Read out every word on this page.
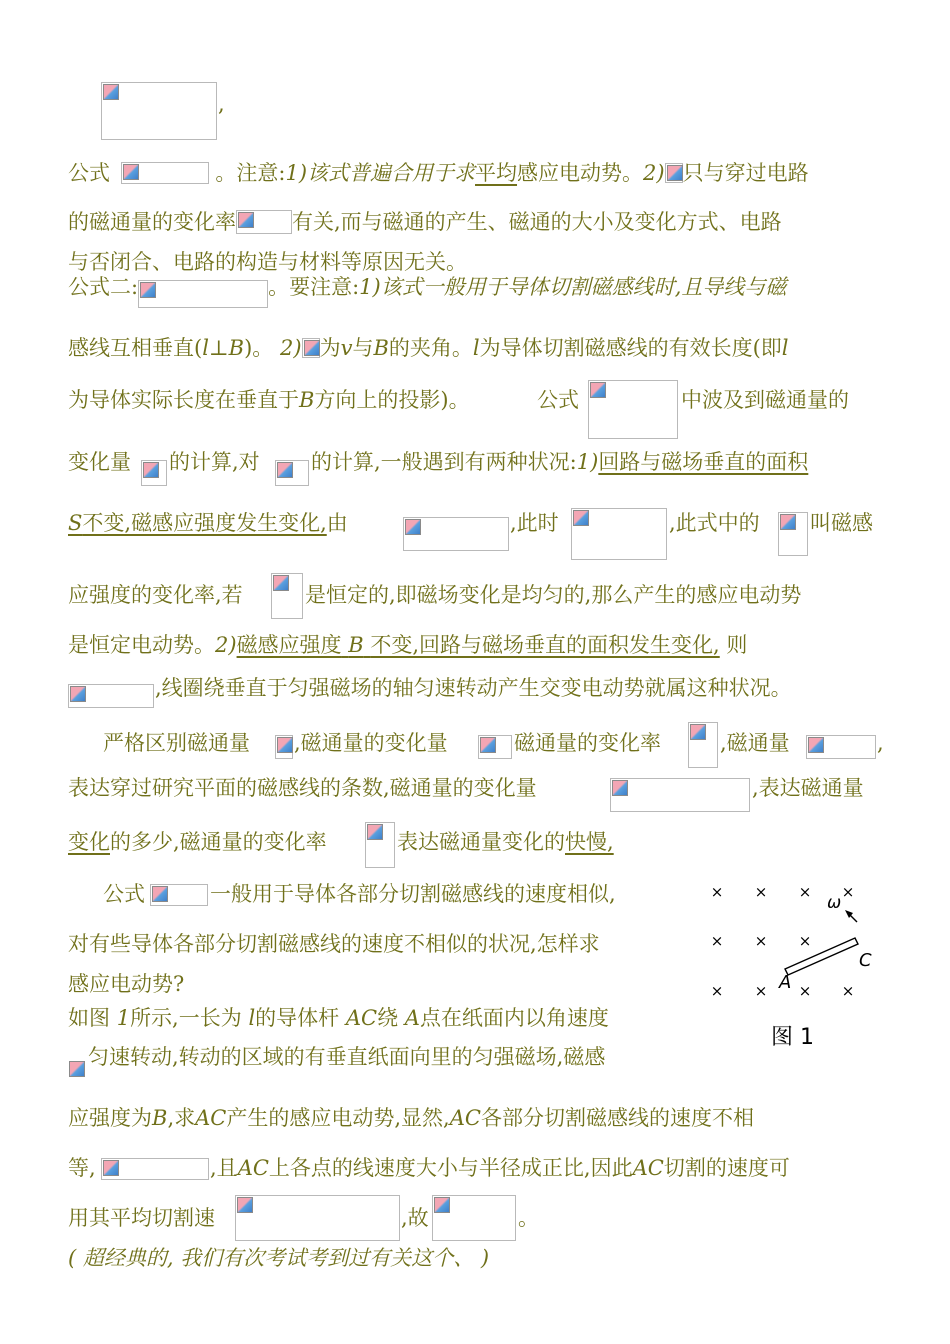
,
公式	。注意:1)该式普遍合用于求平均感应电动势。2) 只与穿过电路
的磁通量的变化率	有关,而与磁通的产生、磁通的大小及变化方式、电路
与否闭合、电路的构造与材料等原因无关。
公式二:	。要注意:1)该式一般用于导体切割磁感线时,且导线与磁
感线互相垂直(l⊥B)。 2) 为v与B的夹角。l为导体切割磁感线的有效长度(即l
为导体实际长度在垂直于B方向上的投影)。	公式	中波及到磁通量的
变化量 的计算,对 的计算,一般遇到有两种状况:1)回路与磁场垂直的面积
S不变,磁感应强度发生变化,由	,此时	,此式中的 叫磁感
应强度的变化率,若	是恒定的,即磁场变化是均匀的,那么产生的感应电动势
是恒定电动势。2)磁感应强度 B 不变,回路与磁场垂直的面积发生变化, 则
,线圈绕垂直于匀强磁场的轴匀速转动产生交变电动势就属这种状况。
严格区别磁通量 ,磁通量的变化量	磁通量的变化率	,磁通量	,
表达穿过研究平面的磁感线的条数,磁通量的变化量	,表达磁通量
变化的多少,磁通量的变化率	表达磁通量变化的快慢,
公式	一般用于导体各部分切割磁感线的速度相似,
对有些导体各部分切割磁感线的速度不相似的状况,怎样求
感应电动势?
如图 1所示,一长为 l的导体杆 AC绕 A点在纸面内以角速度
匀速转动,转动的区域的有垂直纸面向里的匀强磁场,磁感
应强度为B,求AC产生的感应电动势,显然,AC各部分切割磁感线的速度不相
等,	,且AC上各点的线速度大小与半径成正比,因此AC切割的速度可
用其平均切割速	,故	。
( 超经典的, 我们有次考试考到过有关这个、 )
× × × ×
× × ×
× × × ×
ω
A
C
图 1
